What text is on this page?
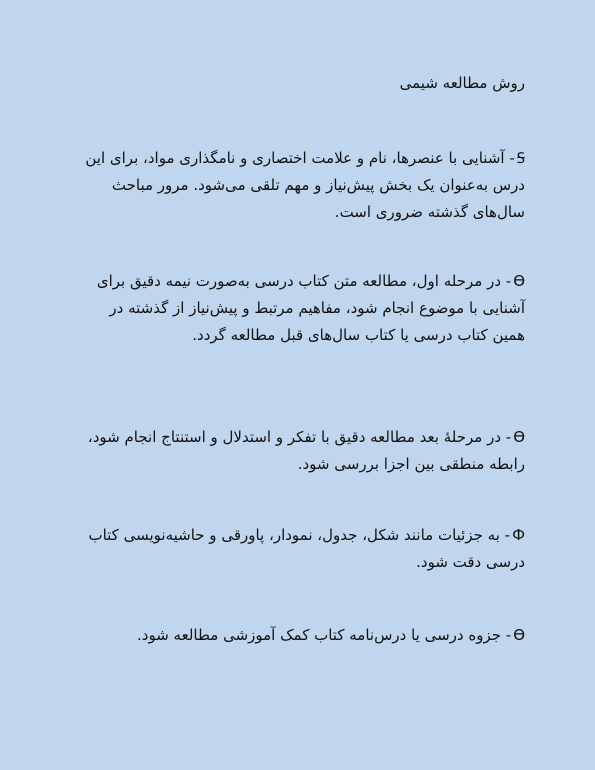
روش مطالعه شیمی
Ꟊ- آشنایی با عنصرها، نام و علامت اختصاری و نامگذاری مواد، برای این درس به‌عنوان یک بخش پیش‌نیاز و مهم تلقی می‌شود. مرور مباحث سال‌های گذشته ضروری است.
ϴ- در مرحله اول، مطالعه متن کتاب درسی به‌صورت نیمه دقیق برای آشنایی با موضوع انجام شود، مفاهیم مرتبط و پیش‌نیاز از گذشته در همین کتاب درسی یا کتاب سال‌های قبل مطالعه گردد.
ϴ- در مرحلهٔ بعد مطالعه دقیق با تفکر و استدلال و استنتاج انجام شود، رابطه منطقی بین اجزا بررسی شود.
Ф- به جزئیات مانند شکل، جدول، نمودار، پاورقی و حاشیه‌نویسی کتاب درسی دقت شود.
ϴ- جزوه درسی یا درس‌نامه کتاب کمک آموزشی مطالعه شود.
